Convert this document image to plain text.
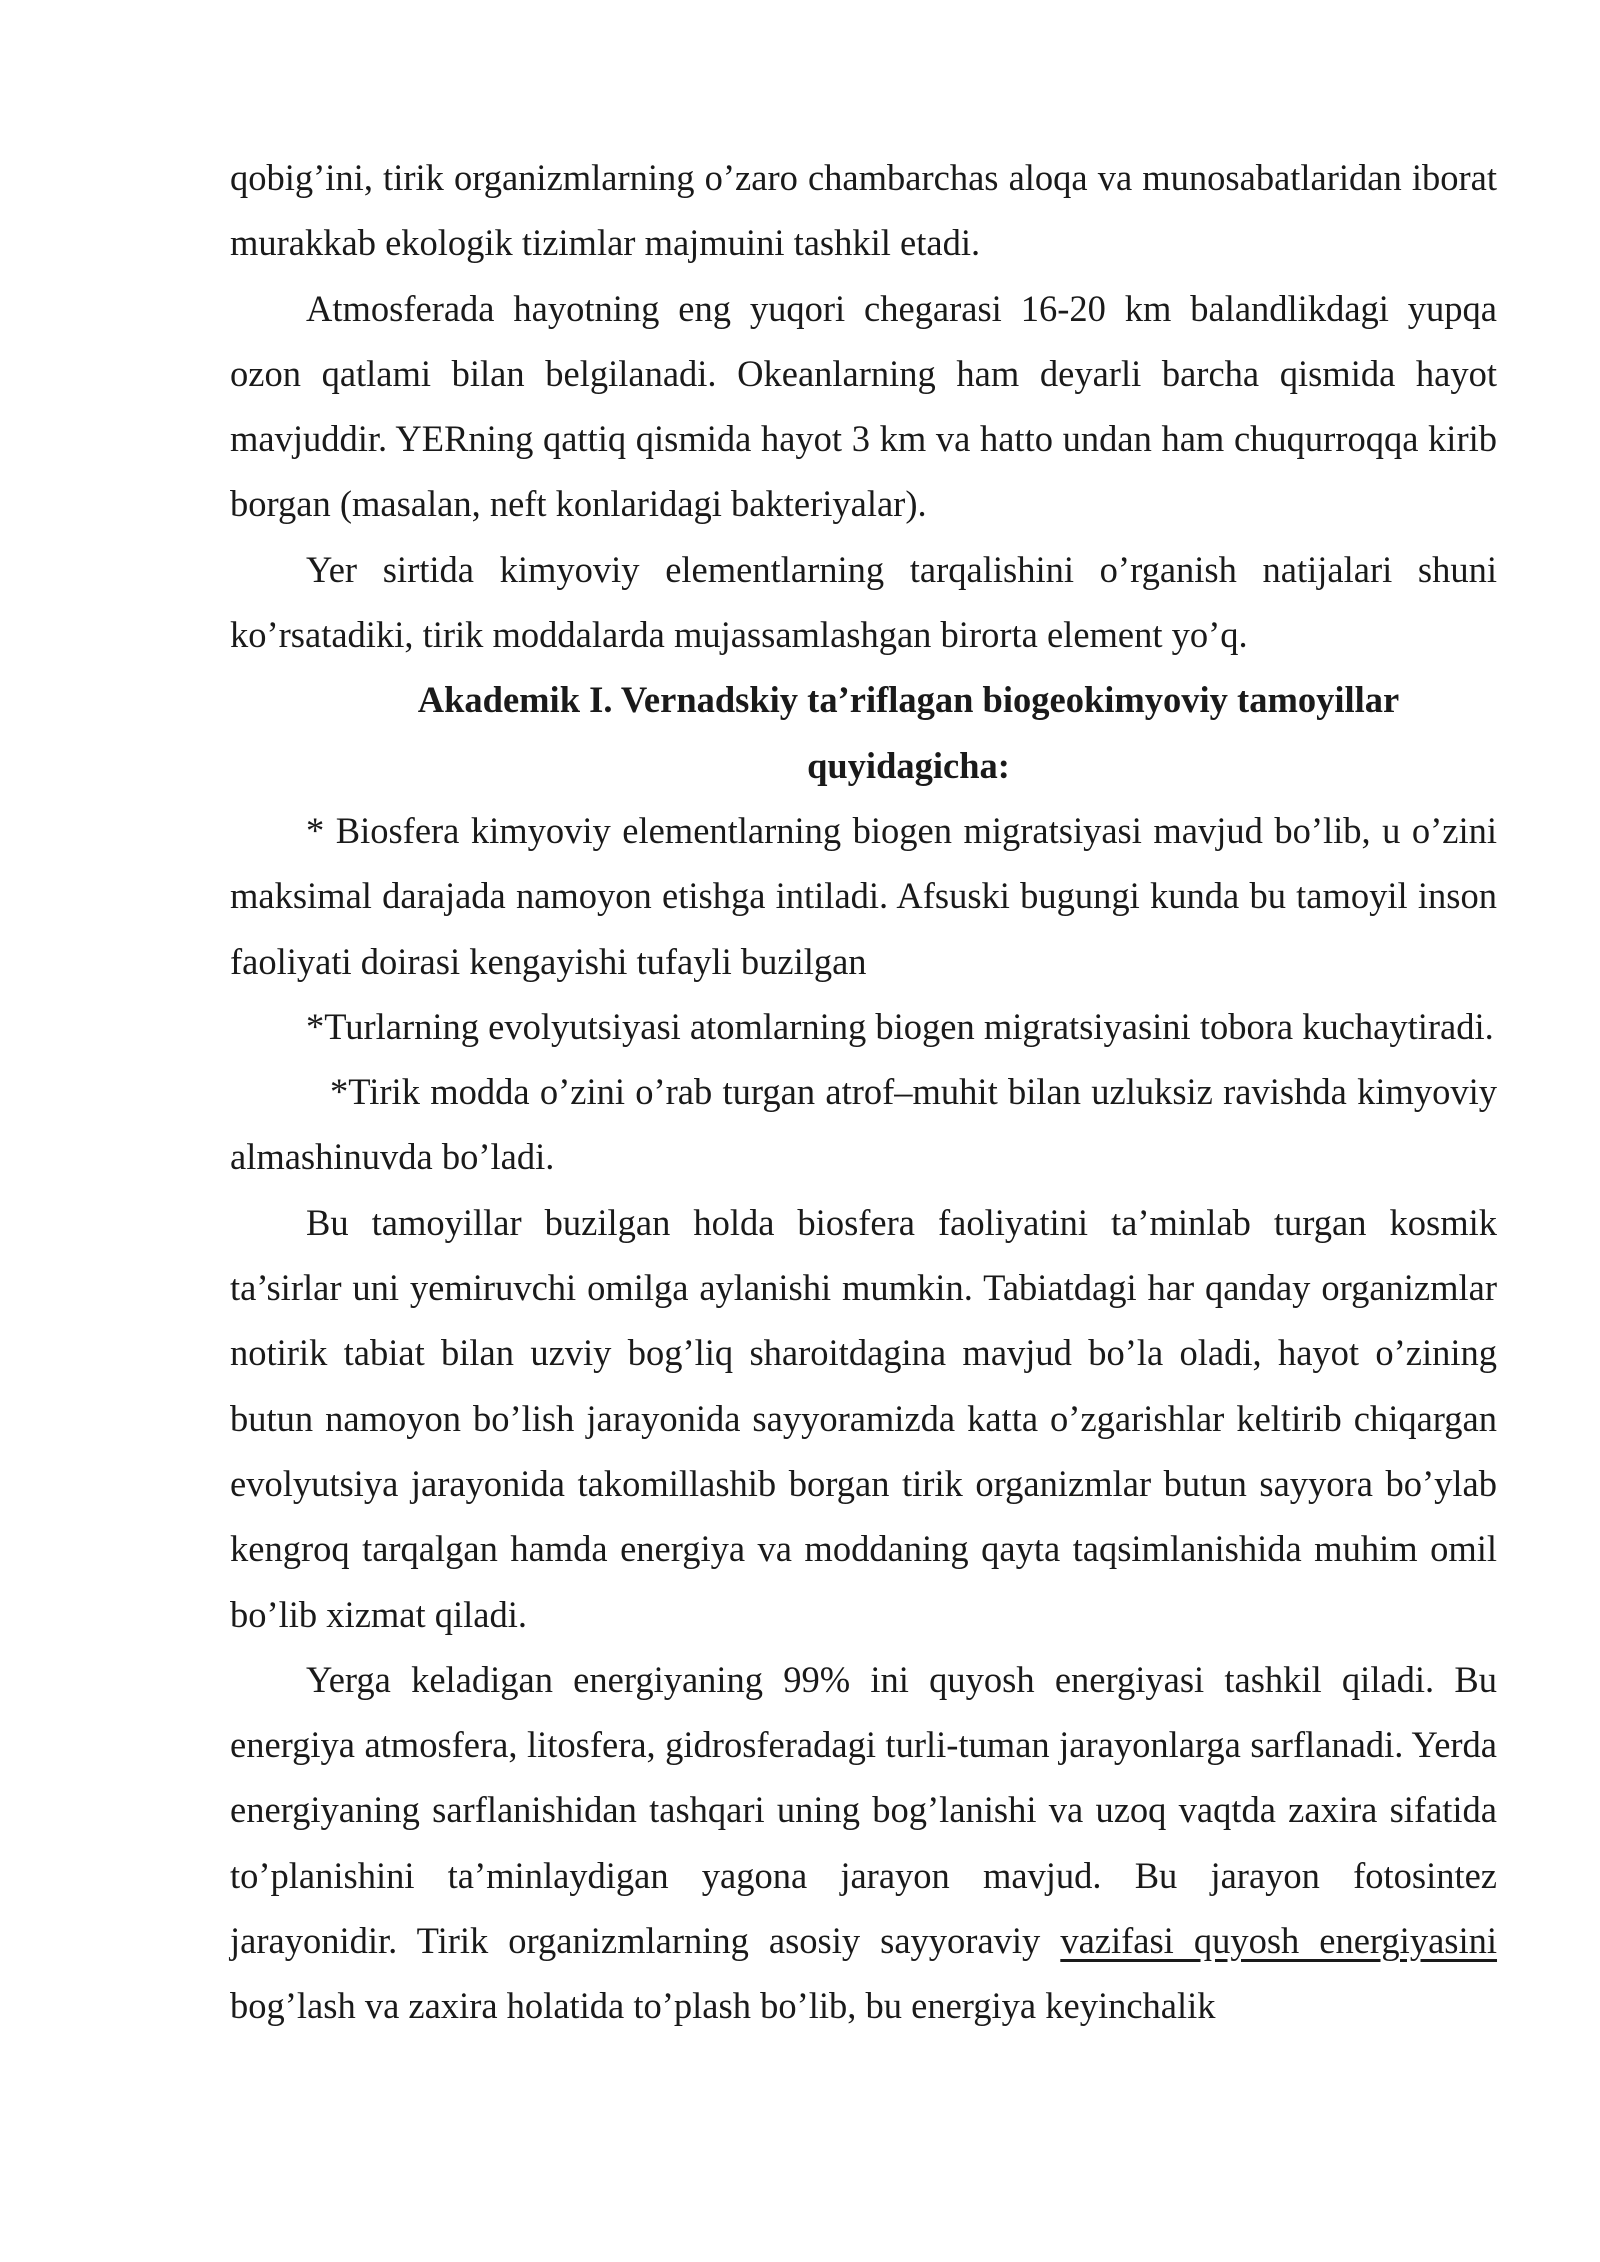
qobig’ini, tirik organizmlarning o’zaro chambarchas aloqa va munosabatlaridan iborat murakkab ekologik tizimlar majmuini tashkil etadi.

Atmosferada hayotning eng yuqori chegarasi 16-20 km balandlikdagi yupqa ozon qatlami bilan belgilanadi. Okeanlarning ham deyarli barcha qismida hayot mavjuddir. YERning qattiq qismida hayot 3 km va hatto undan ham chuqurroqqa kirib borgan (masalan, neft konlaridagi bakteriyalar).

Yer sirtida kimyoviy elementlarning tarqalishini o’rganish natijalari shuni ko’rsatadiki, tirik moddalarda mujassamlashgan birorta element yo’q.

Akademik I. Vernadskiy ta’riflagan biogeokimyoviy tamoyillar quyidagicha:

* Biosfera kimyoviy elementlarning biogen migratsiyasi mavjud bo’lib, u o’zini maksimal darajada namoyon etishga intiladi. Afsuski bugungi kunda bu tamoyil inson faoliyati doirasi kengayishi tufayli buzilgan

*Turlarning evolyutsiyasi atomlarning biogen migratsiyasini tobora kuchaytiradi.

*Tirik modda o’zini o’rab turgan atrof–muhit bilan uzluksiz ravishda kimyoviy almashinuvda bo’ladi.

Bu tamoyillar buzilgan holda biosfera faoliyatini ta’minlab turgan kosmik ta’sirlar uni yemiruvchi omilga aylanishi mumkin. Tabiatdagi har qanday organizmlar notirik tabiat bilan uzviy bog’liq sharoitdagina mavjud bo’la oladi, hayot o’zining butun namoyon bo’lish jarayonida sayyoramizda katta o’zgarishlar keltirib chiqargan evolyutsiya jarayonida takomillashib borgan tirik organizmlar butun sayyora bo’ylab kengroq tarqalgan hamda energiya va moddaning qayta taqsimlanishida muhim omil bo’lib xizmat qiladi.

Yerga keladigan energiyaning 99% ini quyosh energiyasi tashkil qiladi. Bu energiya atmosfera, litosfera, gidrosferadagi turli-tuman jarayonlarga sarflanadi. Yerda energiyaning sarflanishidan tashqari uning bog’lanishi va uzoq vaqtda zaxira sifatida to’planishini ta’minlaydigan yagona jarayon mavjud. Bu jarayon fotosintez jarayonidir. Tirik organizmlarning asosiy sayyoraviy vazifasi quyosh energiyasini bog’lash va zaxira holatida to’plash bo’lib, bu energiya keyinchalik
